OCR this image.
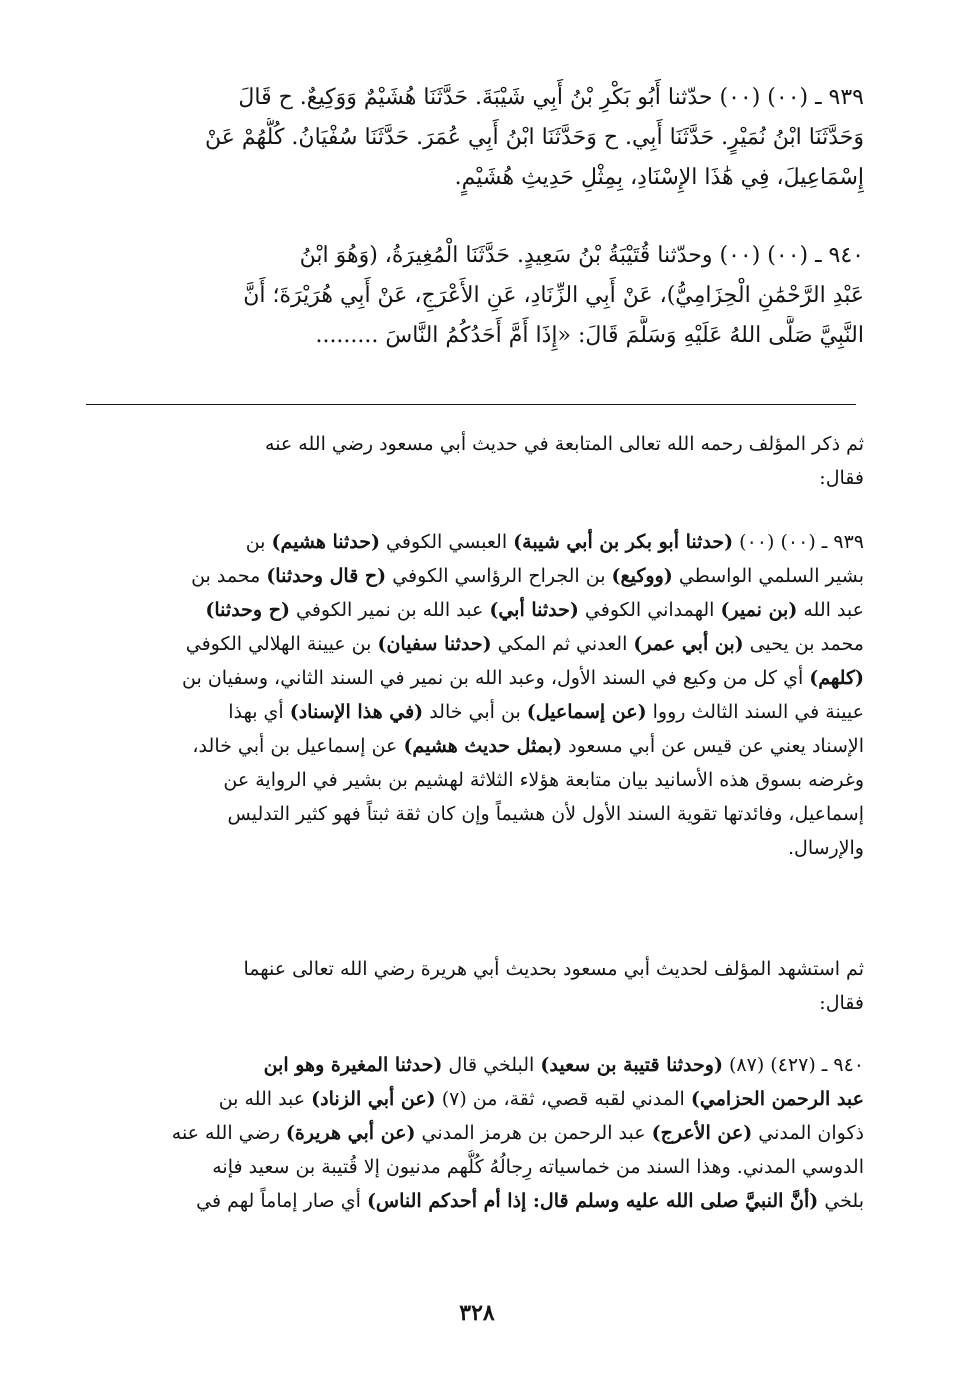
٩٣٩ ـ (٠٠) (٠٠) حدّثنا أَبُو بَكْرِ بْنُ أَبِي شَيْبَةَ. حَدَّثَنَا هُشَيْمٌ وَوَكِيعٌ. ح قَالَ
وَحَدَّثَنَا ابْنُ نُمَيْرٍ. حَدَّثَنَا أَبِي. ح وَحَدَّثَنَا ابْنُ أَبِي عُمَرَ. حَدَّثَنَا سُفْيَانُ. كُلُّهُمْ عَنْ
إِسْمَاعِيلَ، فِي هَٰذَا الإِسْنَادِ، بِمِثْلِ حَدِيثِ هُشَيْمٍ.
٩٤٠ ـ (٠٠) (٠٠) وحدّثنا قُتَيْبَةُ بْنُ سَعِيدٍ. حَدَّثَنَا الْمُغِيرَةُ، (وَهُوَ ابْنُ
عَبْدِ الرَّحْمَٰنِ الْحِزَامِيُّ)، عَنْ أَبِي الزِّنَادِ، عَنِ الأَعْرَجِ، عَنْ أَبِي هُرَيْرَةَ؛ أَنَّ
النَّبِيَّ صَلَّى اللهُ عَلَيْهِ وَسَلَّمَ قَالَ: «إِذَا أَمَّ أَحَدُكُمُ النَّاسَ .........
ثم ذكر المؤلف رحمه الله تعالى المتابعة في حديث أبي مسعود رضي الله عنه
فقال:
٩٣٩ ـ (٠٠) (٠٠) (حدثنا أبو بكر بن أبي شيبة) العبسي الكوفي (حدثنا هشيم) بن
بشير السلمي الواسطي (ووكيع) بن الجراح الرؤاسي الكوفي (ح قال وحدثنا) محمد بن
عبد الله (بن نمير) الهمداني الكوفي (حدثنا أبي) عبد الله بن نمير الكوفي (ح وحدثنا)
محمد بن يحيى (بن أبي عمر) العدني ثم المكي (حدثنا سفيان) بن عيينة الهلالي الكوفي
(كلهم) أي كل من وكيع في السند الأول، وعبد الله بن نمير في السند الثاني، وسفيان بن
عيينة في السند الثالث رووا (عن إسماعيل) بن أبي خالد (في هذا الإسناد) أي بهذا
الإسناد يعني عن قيس عن أبي مسعود (بمثل حديث هشيم) عن إسماعيل بن أبي خالد،
وغرضه بسوق هذه الأسانيد بيان متابعة هؤلاء الثلاثة لهشيم بن بشير في الرواية عن
إسماعيل، وفائدتها تقوية السند الأول لأن هشيماً وإن كان ثقة ثبتاً فهو كثير التدليس
والإرسال.
ثم استشهد المؤلف لحديث أبي مسعود بحديث أبي هريرة رضي الله تعالى عنهما
فقال:
٩٤٠ ـ (٤٢٧) (٨٧) (وحدثنا قتيبة بن سعيد) البلخي قال (حدثنا المغيرة وهو ابن
عبد الرحمن الحزامي) المدني لقبه قصي، ثقة، من (٧) (عن أبي الزناد) عبد الله بن
ذكوان المدني (عن الأعرج) عبد الرحمن بن هرمز المدني (عن أبي هريرة) رضي الله عنه
الدوسي المدني. وهذا السند من خماسياته رِجالُهُ كُلُّهم مدنيون إلا قُتيبة بن سعيد فإنه
بلخي (أنَّ النبيَّ صلى الله عليه وسلم قال: إذا أم أحدكم الناس) أي صار إماماً لهم في
٣٢٨
